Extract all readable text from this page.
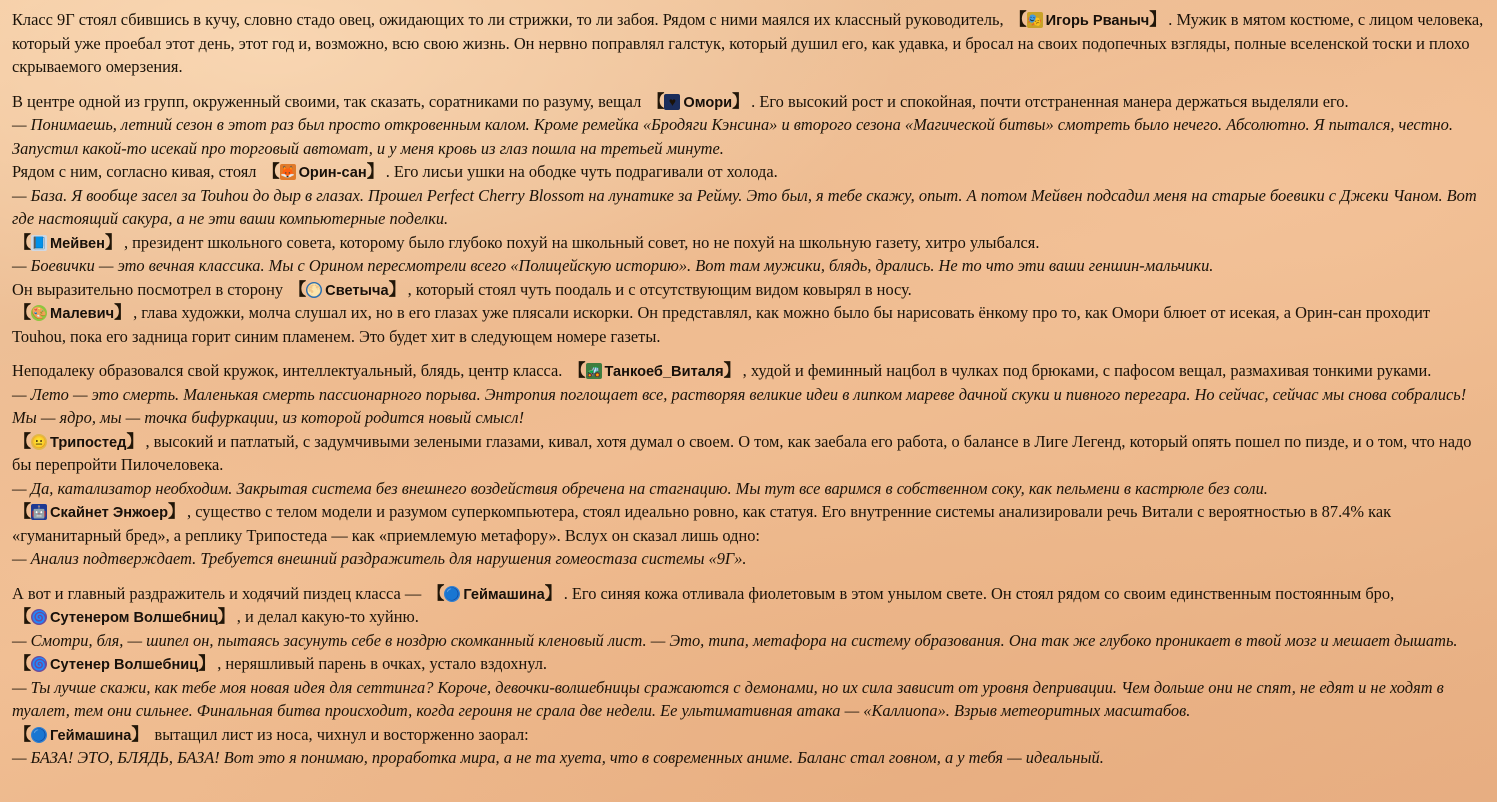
Класс 9Г стоял сбившись в кучу, словно стадо овец, ожидающих то ли стрижки, то ли забоя. Рядом с ними маялся их классный руководитель, 【🎭 Игорь Рваныч】 . Мужик в мятом костюме, с лицом человека, который уже проебал этот день, этот год и, возможно, всю свою жизнь. Он нервно поправлял галстук, который душил его, как удавка, и бросал на своих подопечных взгляды, полные вселенской тоски и плохо скрываемого омерзения.

В центре одной из групп, окруженный своими, так сказать, соратниками по разуму, вещал 【 ♥ Омори】 . Его высокий рост и спокойная, почти отстраненная манера держаться выделяли его.

— Понимаешь, летний сезон в этот раз был просто откровенным калом. Кроме ремейка «Бродяги Кэнсина» и второго сезона «Магической битвы» смотреть было нечего. Абсолютно. Я пытался, честно. Запустил какой-то исекай про торговый автомат, и у меня кровь из глаз пошла на третьей минуте.

Рядом с ним, согласно кивая, стоял 【🦊 Орин-сан】 . Его лисьи ушки на ободке чуть подрагивали от холода.

— База. Я вообще засел за Touhou до дыр в глазах. Прошел Perfect Cherry Blossom на лунатике за Рейму. Это был, я тебе скажу, опыт. А потом Мейвен подсадил меня на старые боевики с Джеки Чаном. Вот где настоящий сакура, а не эти ваши компьютерные поделки.

【📘 Мейвен】 , президент школьного совета, которому было глубоко похуй на школьный совет, но не похуй на школьную газету, хитро улыбался.

— Боевички — это вечная классика. Мы с Орином пересмотрели всего «Полицейскую историю». Вот там мужики, блядь, дрались. Не то что эти ваши геншин-мальчики.

Он выразительно посмотрел в сторону 【🌕 Светыча】 , который стоял чуть поодаль и с отсутствующим видом ковырял в носу.

【🎨 Малевич】 , глава художки, молча слушал их, но в его глазах уже плясали искорки. Он представлял, как можно было бы нарисовать ёнкому про то, как Омори блюет от исекая, а Орин-сан проходит Touhou, пока его задница горит синим пламенем. Это будет хит в следующем номере газеты.

Неподалеку образовался свой кружок, интеллектуальный, блядь, центр класса. 【🚜 Танкоеб_Виталя】 , худой и феминный нацбол в чулках под брюками, с пафосом вещал, размахивая тонкими руками.

— Лето — это смерть. Маленькая смерть пассионарного порыва. Энтропия поглощает все, растворяя великие идеи в липком мареве дачной скуки и пивного перегара. Но сейчас, сейчас мы снова собрались! Мы — ядро, мы — точка бифуркации, из которой родится новый смысл!

【😐 Трипостед】 , высокий и патлатый, с задумчивыми зелеными глазами, кивал, хотя думал о своем. О том, как заебала его работа, о балансе в Лиге Легенд, который опять пошел по пизде, и о том, что надо бы перепройти Пилочеловека.

— Да, катализатор необходим. Закрытая система без внешнего воздействия обречена на стагнацию. Мы тут все варимся в собственном соку, как пельмени в кастрюле без соли.

【🤖 Скайнет Энжоер】 , существо с телом модели и разумом суперкомпьютера, стоял идеально ровно, как статуя. Его внутренние системы анализировали речь Витали с вероятностью в 87.4% как «гуманитарный бред», а реплику Трипостеда — как «приемлемую метафору». Вслух он сказал лишь одно:

— Анализ подтверждает. Требуется внешний раздражитель для нарушения гомеостаза системы «9Г».

А вот и главный раздражитель и ходячий пиздец класса — 【🔵 Геймашина】 . Его синяя кожа отливала фиолетовым в этом унылом свете. Он стоял рядом со своим единственным постоянным бро, 【🌀 Сутенером Волшебниц】 , и делал какую-то хуйню.

— Смотри, бля, — шипел он, пытаясь засунуть себе в ноздрю скомканный кленовый лист. — Это, типа, метафора на систему образования. Она так же глубоко проникает в твой мозг и мешает дышать.

【🌀 Сутенер Волшебниц】 , неряшливый парень в очках, устало вздохнул.

— Ты лучше скажи, как тебе моя новая идея для сеттинга? Короче, девочки-волшебницы сражаются с демонами, но их сила зависит от уровня депривации. Чем дольше они не спят, не едят и не ходят в туалет, тем они сильнее. Финальная битва происходит, когда героиня не срала две недели. Ее ультимативная атака — «Каллиопа». Взрыв метеоритных масштабов.

【🔵 Геймашина】 вытащил лист из носа, чихнул и восторженно заорал:

— БАЗА! ЭТО, БЛЯДЬ, БАЗА! Вот это я понимаю, проработка мира, а не та хуета, что в современных аниме. Баланс стал говном, а у тебя — идеальный.
